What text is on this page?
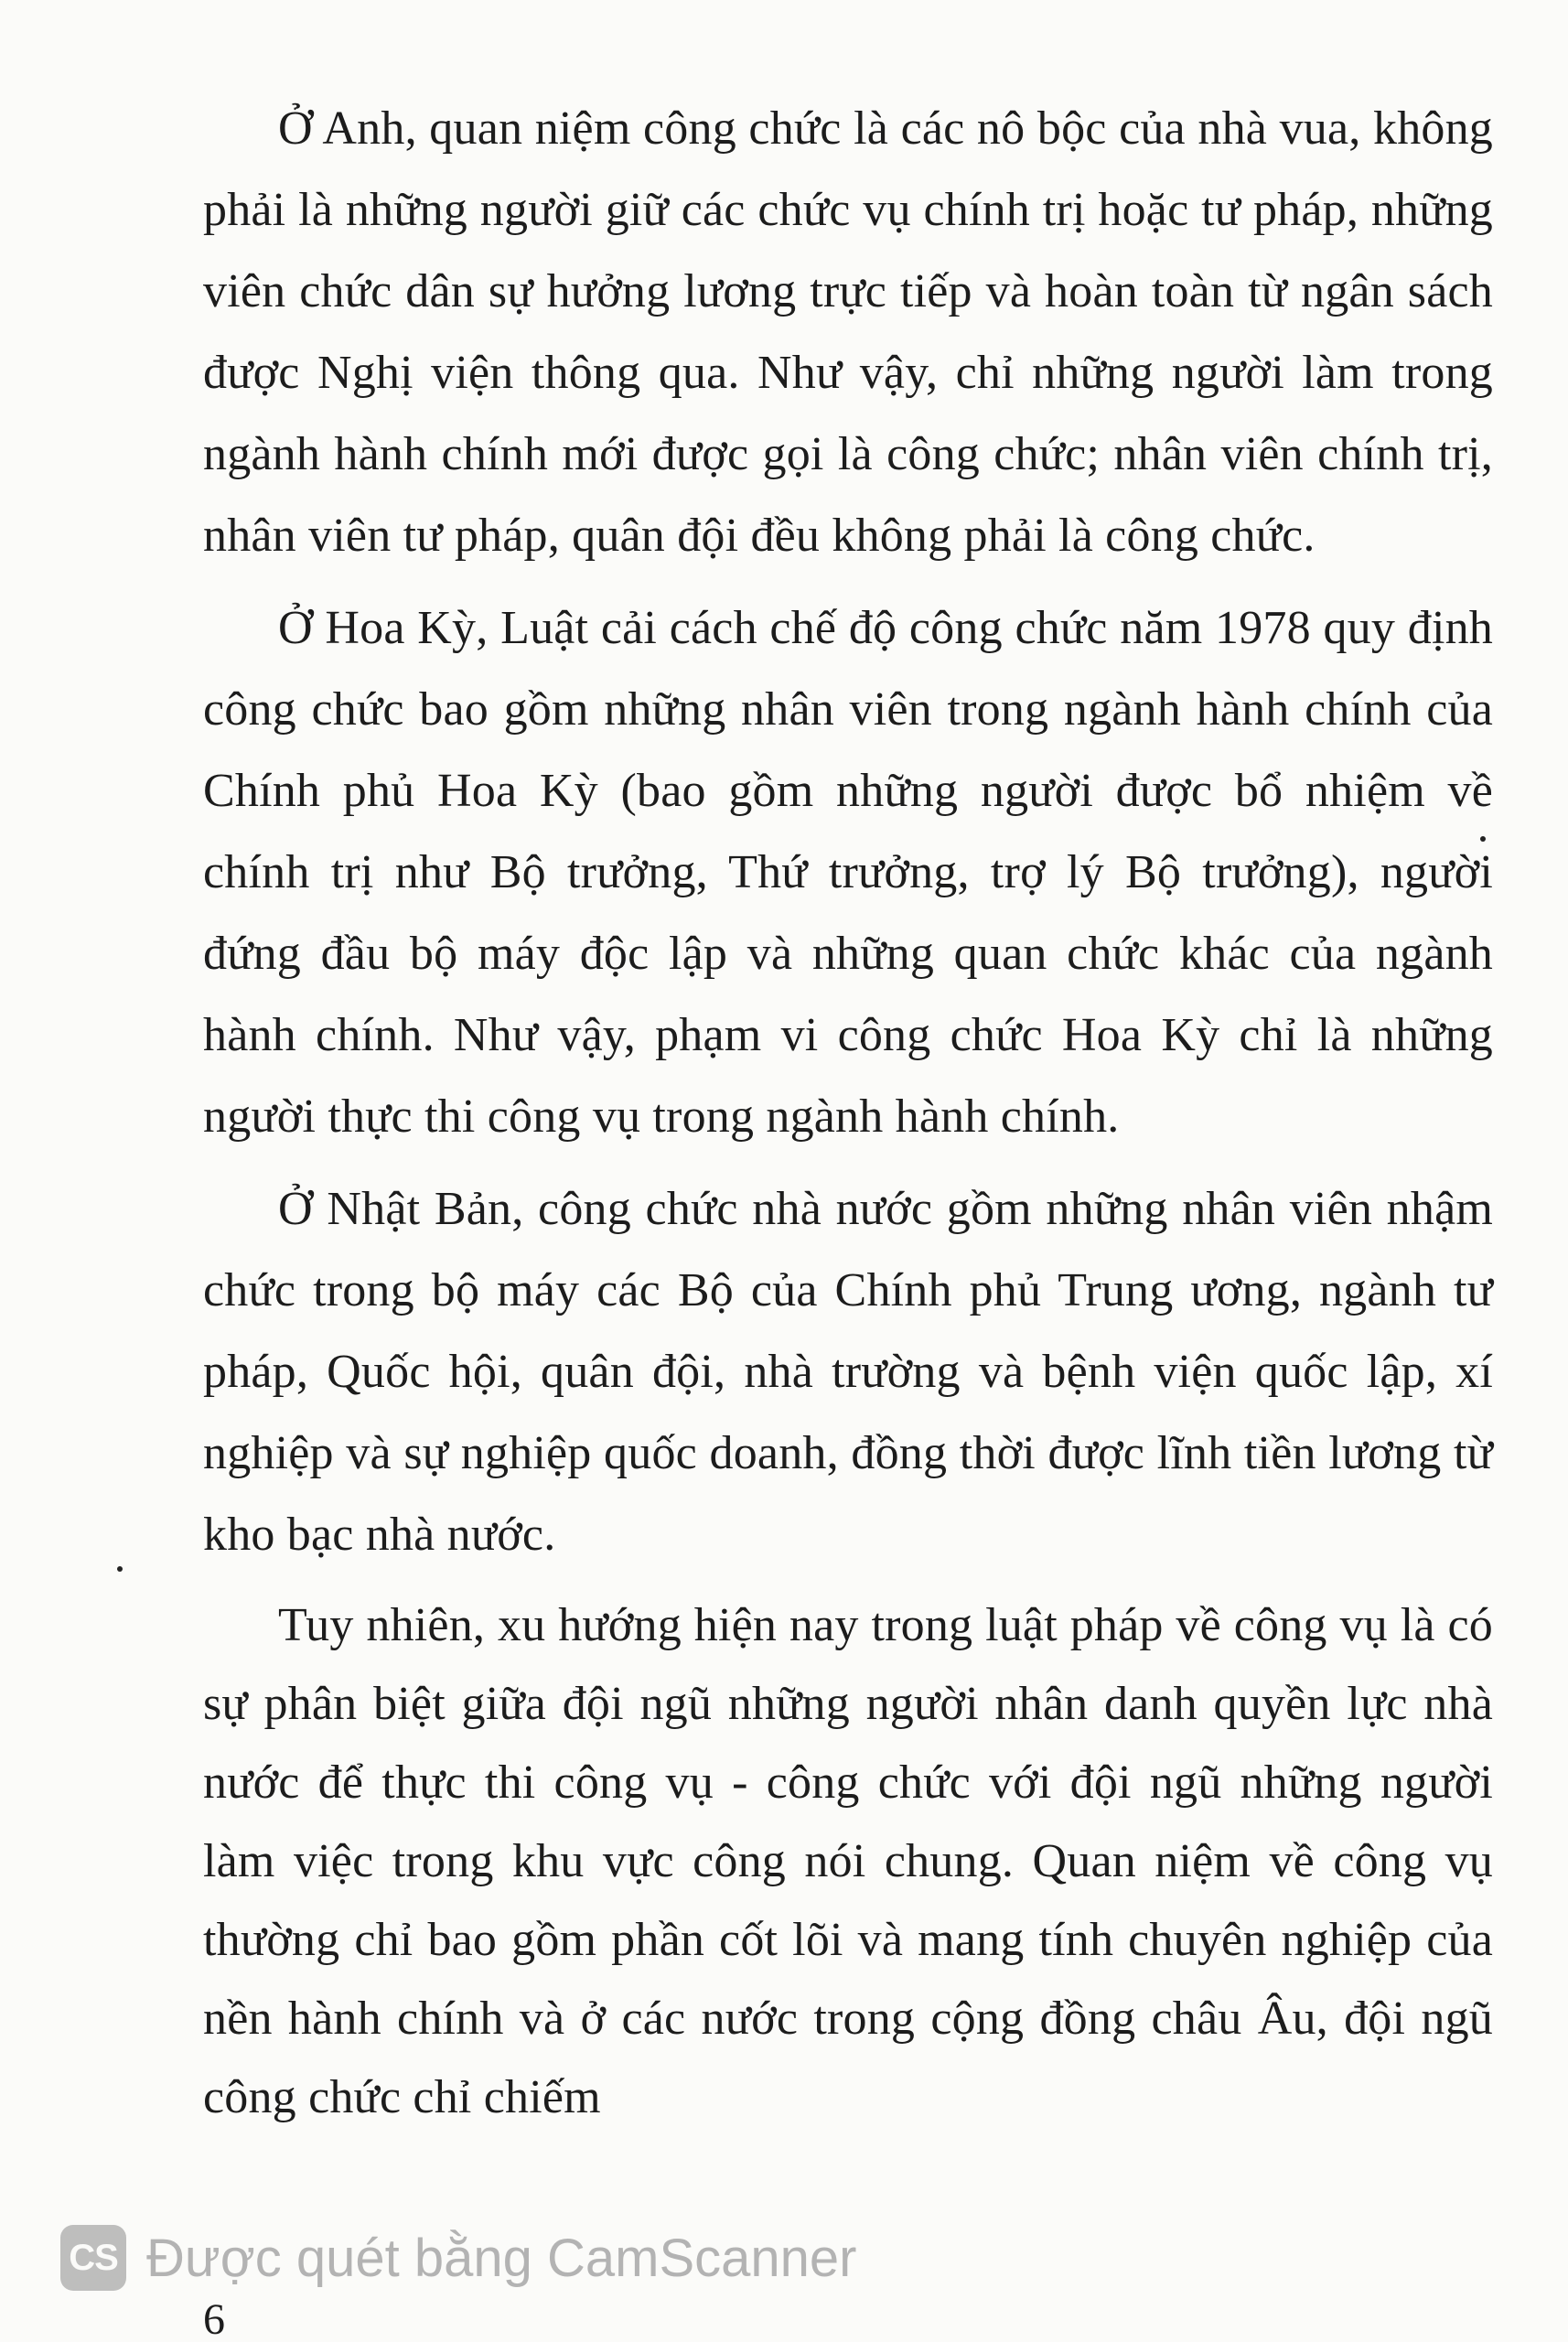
Ở Anh, quan niệm công chức là các nô bộc của nhà vua, không phải là những người giữ các chức vụ chính trị hoặc tư pháp, những viên chức dân sự hưởng lương trực tiếp và hoàn toàn từ ngân sách được Nghị viện thông qua. Như vậy, chỉ những người làm trong ngành hành chính mới được gọi là công chức; nhân viên chính trị, nhân viên tư pháp, quân đội đều không phải là công chức.

Ở Hoa Kỳ, Luật cải cách chế độ công chức năm 1978 quy định công chức bao gồm những nhân viên trong ngành hành chính của Chính phủ Hoa Kỳ (bao gồm những người được bổ nhiệm về chính trị như Bộ trưởng, Thứ trưởng, trợ lý Bộ trưởng), người đứng đầu bộ máy độc lập và những quan chức khác của ngành hành chính. Như vậy, phạm vi công chức Hoa Kỳ chỉ là những người thực thi công vụ trong ngành hành chính.

Ở Nhật Bản, công chức nhà nước gồm những nhân viên nhậm chức trong bộ máy các Bộ của Chính phủ Trung ương, ngành tư pháp, Quốc hội, quân đội, nhà trường và bệnh viện quốc lập, xí nghiệp và sự nghiệp quốc doanh, đồng thời được lĩnh tiền lương từ kho bạc nhà nước.

Tuy nhiên, xu hướng hiện nay trong luật pháp về công vụ là có sự phân biệt giữa đội ngũ những người nhân danh quyền lực nhà nước để thực thi công vụ - công chức với đội ngũ những người làm việc trong khu vực công nói chung. Quan niệm về công vụ thường chỉ bao gồm phần cốt lõi và mang tính chuyên nghiệp của nền hành chính và ở các nước trong cộng đồng châu Âu, đội ngũ công chức chỉ chiếm

CS Được quét bằng CamScanner
6
